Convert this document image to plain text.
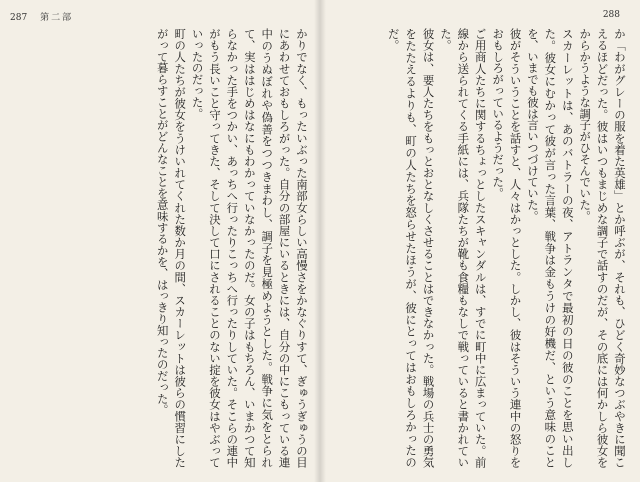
287 第二部

かりでなく、もったいぶった南部女らしい高慢さをかなぐりすて、ぎゅうぎゅうの目にあわせておもしろがった。自分の部屋にいるときには、自分の中にこもっている連中のうぬぼれや偽善をつつきまわし、調子を見極めようとした。戦争に気をとられて、実ははじめはなにもわかっていなかったのだ。女の子はもちろん、いまかつて知らなかった手をつかい、あっちへ行ったりこっちへ行ったりしていた。そこらの連中がもう長いこと守ってきた、そして決して口にされることのない掟を彼女はやぶっていったのだった。

町の人たちが彼女をうけいれてくれた数か月の間、スカーレットは彼らの慣習にしたがって暮らすことがどんなことを意味するかを、はっきり知ったのだった。

288

か「わがグレーの服を着た英雄」とか呼ぶが、それも、ひどく奇妙なつぶやきに聞こえるほどだった。彼はいつもまじめな調子で話すのだが、その底には何かしら彼女をからかうような調子がひそんでいた。

スカーレットは、あのバトラーの夜、アトランタで最初の日の彼のことを思い出した。彼女にむかって彼が言った言葉、戦争は金もうけの好機だ、という意味のことを、いまでも彼は言いつづけていた。

彼がそういうことを話すと、人々はかっとした。しかし、彼はそういう連中の怒りをおもしろがっているようだった。

ご用商人たちに関するちょっとしたスキャンダルは、すでに町中に広まっていた。前線から送られてくる手紙には、兵隊たちが靴も食糧もなしで戦っていると書かれていた。

彼女は、要人たちをもっとおとなしくさせることはできなかった。戦場の兵士の勇気をたたえるよりも、町の人たちを怒らせたほうが、彼にとってはおもしろかったのだ。
